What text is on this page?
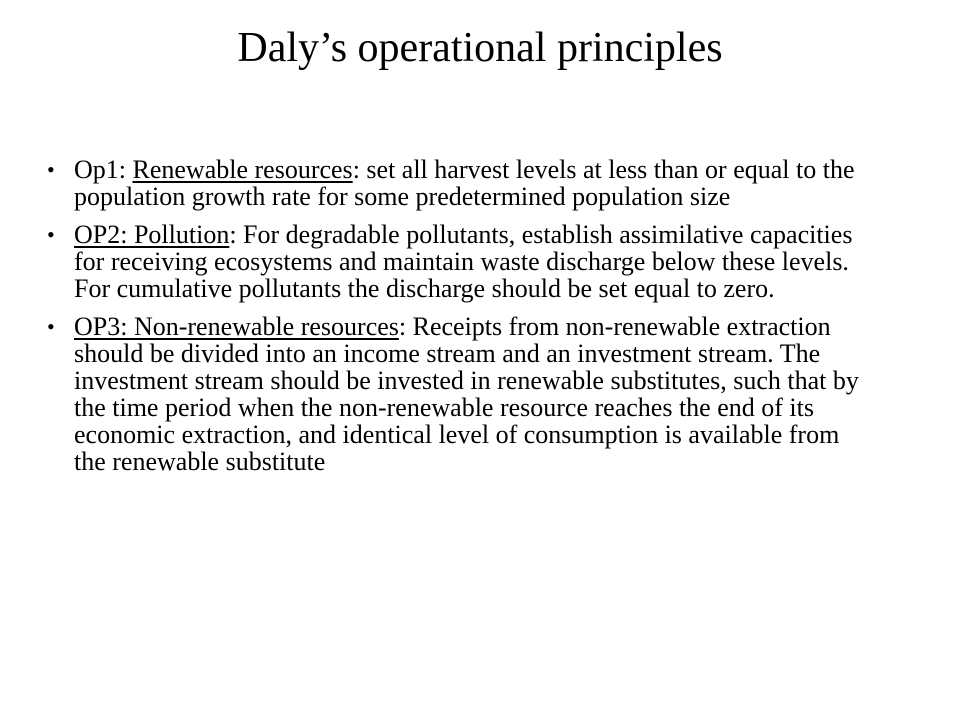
Daly’s operational principles
• Op1: Renewable resources: set all harvest levels at less than or equal to the population growth rate for some predetermined population size
• OP2: Pollution: For degradable pollutants, establish assimilative capacities for receiving ecosystems and maintain waste discharge below these levels. For cumulative pollutants the discharge should be set equal to zero.
• OP3: Non-renewable resources: Receipts from non-renewable extraction should be divided into an income stream and an investment stream. The investment stream should be invested in renewable substitutes, such that by the time period when the non-renewable resource reaches the end of its economic extraction, and identical level of consumption is available from the renewable substitute
